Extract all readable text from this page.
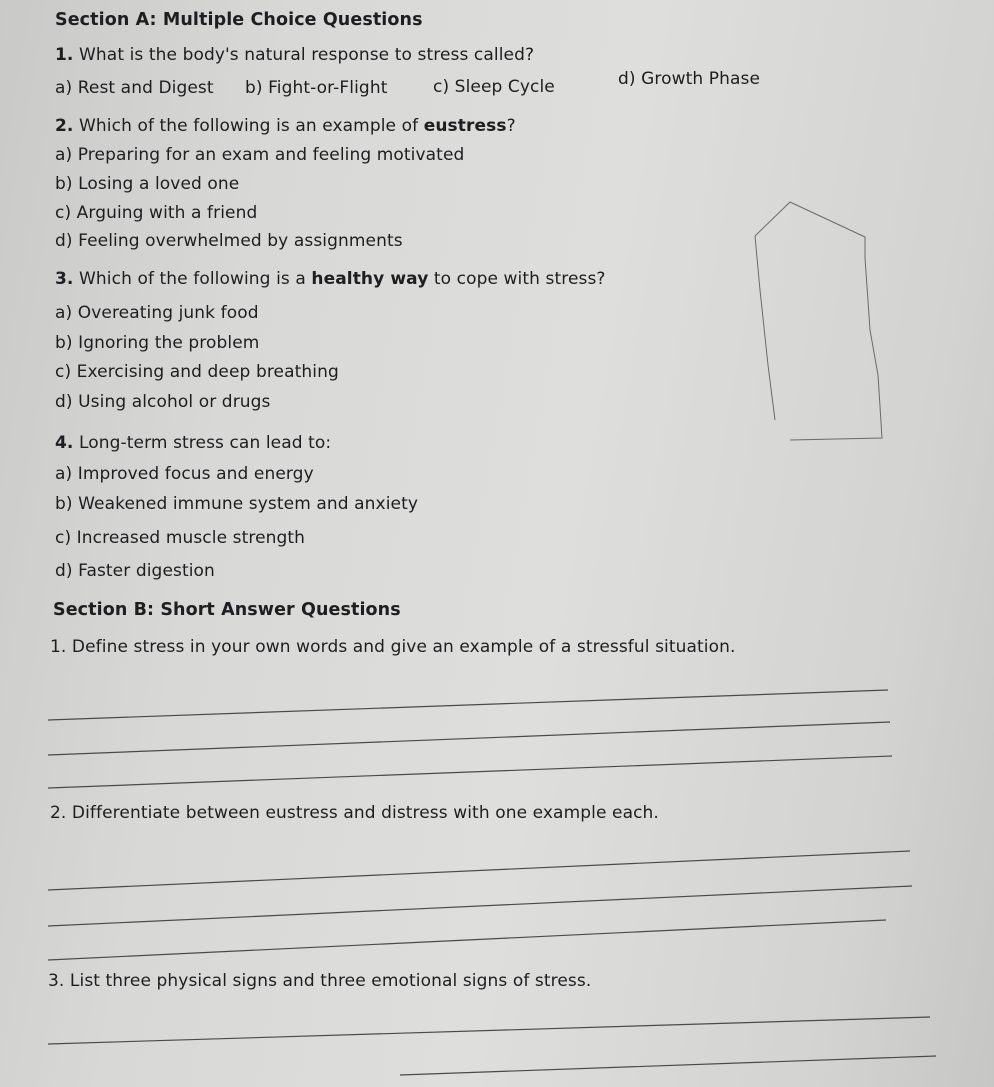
Section A: Multiple Choice Questions
1. What is the body's natural response to stress called?
a) Rest and Digest b) Fight-or-Flight	c) Sleep Cycle	d) Growth Phase
2. Which of the following is an example of eustress?
a) Preparing for an exam and feeling motivated
b) Losing a loved one
c) Arguing with a friend
d) Feeling overwhelmed by assignments
3. Which of the following is a healthy way to cope with stress?
a) Overeating junk food
b) Ignoring the problem
c) Exercising and deep breathing
d) Using alcohol or drugs
4. Long-term stress can lead to:
a) Improved focus and energy
b) Weakened immune system and anxiety
c) Increased muscle strength
d) Faster digestion
Section B: Short Answer Questions
1. Define stress in your own words and give an example of a stressful situation.
2. Differentiate between eustress and distress with one example each.
3. List three physical signs and three emotional signs of stress.
